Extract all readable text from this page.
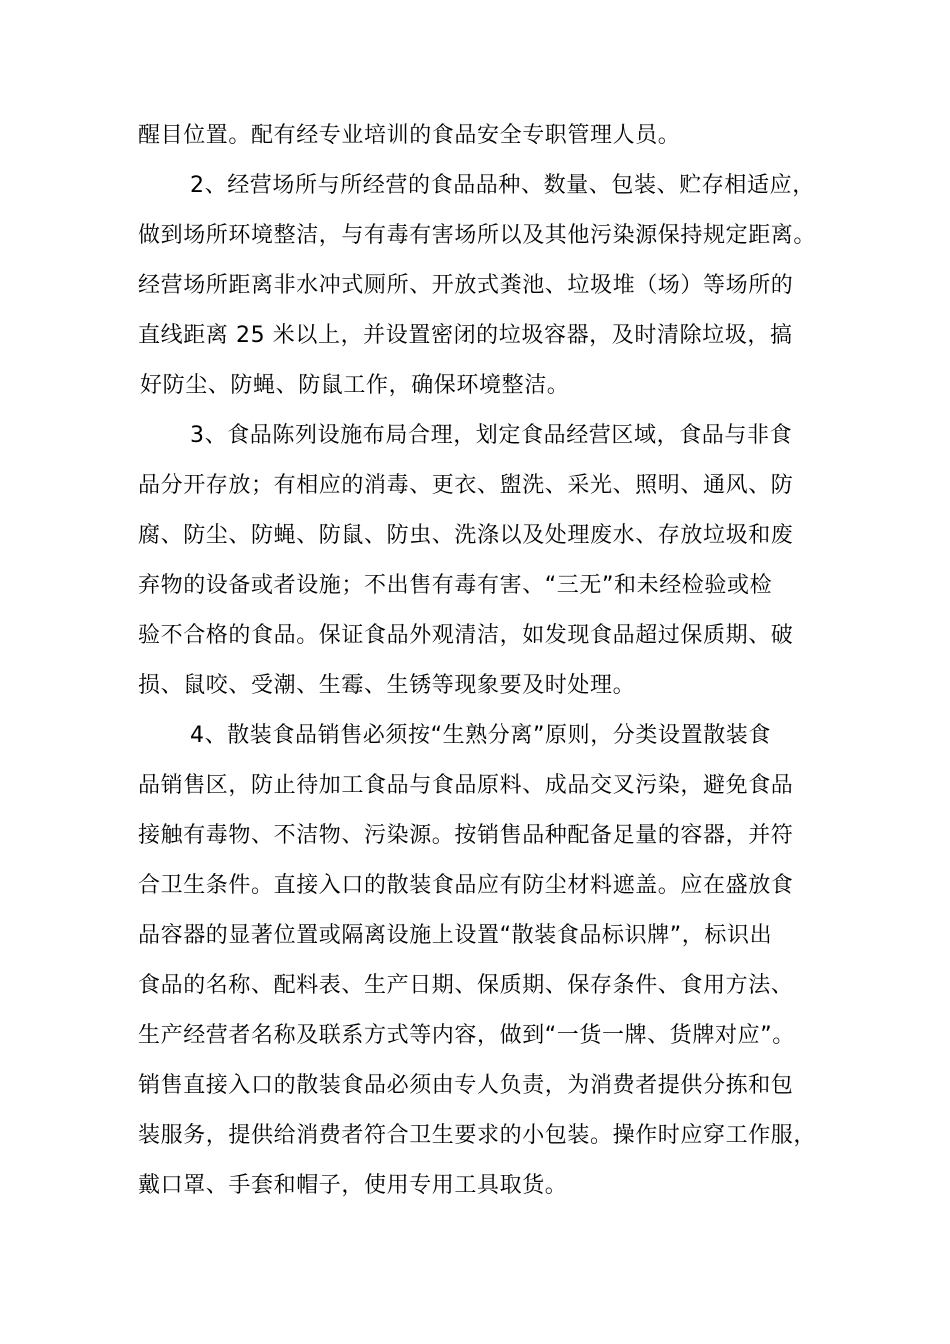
醒目位置。配有经专业培训的食品安全专职管理人员。
2、经营场所与所经营的食品品种、数量、包装、贮存相适应，
做到场所环境整洁，与有毒有害场所以及其他污染源保持规定距离。
经营场所距离非水冲式厕所、开放式粪池、垃圾堆（场）等场所的
直线距离 25 米以上，并设置密闭的垃圾容器，及时清除垃圾，搞
好防尘、防蝇、防鼠工作，确保环境整洁。
3、食品陈列设施布局合理，划定食品经营区域，食品与非食
品分开存放；有相应的消毒、更衣、盥洗、采光、照明、通风、防
腐、防尘、防蝇、防鼠、防虫、洗涤以及处理废水、存放垃圾和废
弃物的设备或者设施；不出售有毒有害、“三无”和未经检验或检
验不合格的食品。保证食品外观清洁，如发现食品超过保质期、破
损、鼠咬、受潮、生霉、生锈等现象要及时处理。
4、散装食品销售必须按“生熟分离”原则，分类设置散装食
品销售区，防止待加工食品与食品原料、成品交叉污染，避免食品
接触有毒物、不洁物、污染源。按销售品种配备足量的容器，并符
合卫生条件。直接入口的散装食品应有防尘材料遮盖。应在盛放食
品容器的显著位置或隔离设施上设置“散装食品标识牌”，标识出
食品的名称、配料表、生产日期、保质期、保存条件、食用方法、
生产经营者名称及联系方式等内容，做到“一货一牌、货牌对应”。
销售直接入口的散装食品必须由专人负责，为消费者提供分拣和包
装服务，提供给消费者符合卫生要求的小包装。操作时应穿工作服，
戴口罩、手套和帽子，使用专用工具取货。
